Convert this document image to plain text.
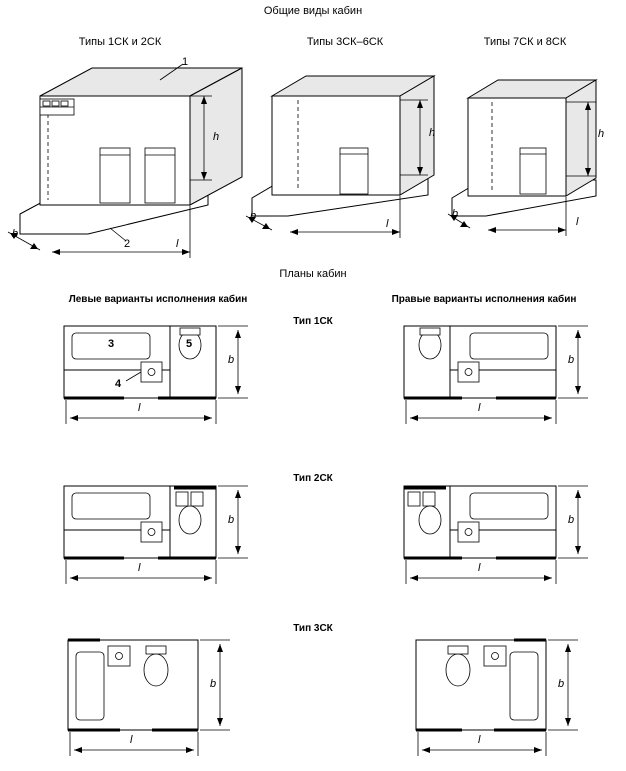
Общие виды кабин
Типы 1СК и 2СК	Типы 3СК–6СК	Типы 7СК и 8СК
1
2
h
b
l
h
b
l
h
b
l
Планы кабин
Левые варианты исполнения кабин	Правые варианты исполнения кабин
Тип 1СК
3
4
5
b
l
b
l
Тип 2СК
b
l
b
l
Тип 3СК
b
l
b
l
